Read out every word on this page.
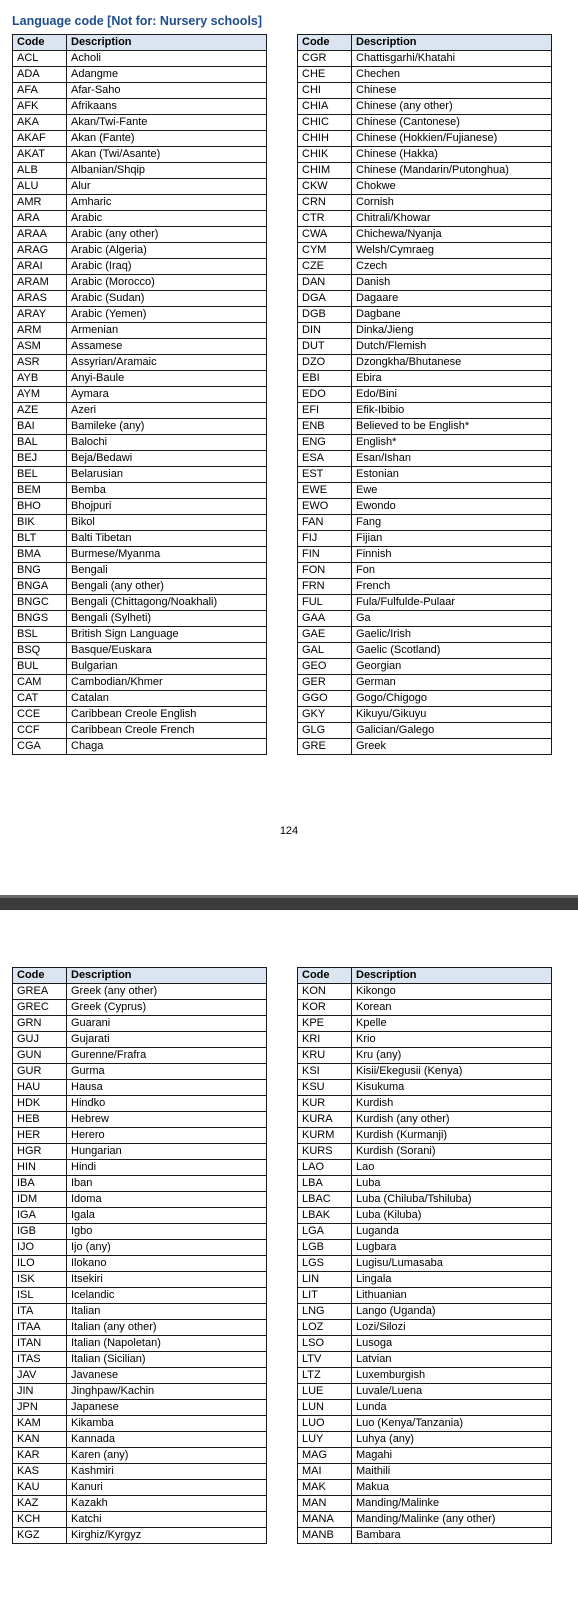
Language code [Not for: Nursery schools]
Code	Description
ACL	Acholi
ADA	Adangme
AFA	Afar-Saho
AFK	Afrikaans
AKA	Akan/Twi-Fante
AKAF	Akan (Fante)
AKAT	Akan (Twi/Asante)
ALB	Albanian/Shqip
ALU	Alur
AMR	Amharic
ARA	Arabic
ARAA	Arabic (any other)
ARAG	Arabic (Algeria)
ARAI	Arabic (Iraq)
ARAM	Arabic (Morocco)
ARAS	Arabic (Sudan)
ARAY	Arabic (Yemen)
ARM	Armenian
ASM	Assamese
ASR	Assyrian/Aramaic
AYB	Anyi-Baule
AYM	Aymara
AZE	Azeri
BAI	Bamileke (any)
BAL	Balochi
BEJ	Beja/Bedawi
BEL	Belarusian
BEM	Bemba
BHO	Bhojpuri
BIK	Bikol
BLT	Balti Tibetan
BMA	Burmese/Myanma
BNG	Bengali
BNGA	Bengali (any other)
BNGC	Bengali (Chittagong/Noakhali)
BNGS	Bengali (Sylheti)
BSL	British Sign Language
BSQ	Basque/Euskara
BUL	Bulgarian
CAM	Cambodian/Khmer
CAT	Catalan
CCE	Caribbean Creole English
CCF	Caribbean Creole French
CGA	Chaga
Code	Description
CGR	Chattisgarhi/Khatahi
CHE	Chechen
CHI	Chinese
CHIA	Chinese (any other)
CHIC	Chinese (Cantonese)
CHIH	Chinese (Hokkien/Fujianese)
CHIK	Chinese (Hakka)
CHIM	Chinese (Mandarin/Putonghua)
CKW	Chokwe
CRN	Cornish
CTR	Chitrali/Khowar
CWA	Chichewa/Nyanja
CYM	Welsh/Cymraeg
CZE	Czech
DAN	Danish
DGA	Dagaare
DGB	Dagbane
DIN	Dinka/Jieng
DUT	Dutch/Flemish
DZO	Dzongkha/Bhutanese
EBI	Ebira
EDO	Edo/Bini
EFI	Efik-Ibibio
ENB	Believed to be English*
ENG	English*
ESA	Esan/Ishan
EST	Estonian
EWE	Ewe
EWO	Ewondo
FAN	Fang
FIJ	Fijian
FIN	Finnish
FON	Fon
FRN	French
FUL	Fula/Fulfulde-Pulaar
GAA	Ga
GAE	Gaelic/Irish
GAL	Gaelic (Scotland)
GEO	Georgian
GER	German
GGO	Gogo/Chigogo
GKY	Kikuyu/Gikuyu
GLG	Galician/Galego
GRE	Greek
124
Code	Description
GREA	Greek (any other)
GREC	Greek (Cyprus)
GRN	Guarani
GUJ	Gujarati
GUN	Gurenne/Frafra
GUR	Gurma
HAU	Hausa
HDK	Hindko
HEB	Hebrew
HER	Herero
HGR	Hungarian
HIN	Hindi
IBA	Iban
IDM	Idoma
IGA	Igala
IGB	Igbo
IJO	Ijo (any)
ILO	Ilokano
ISK	Itsekiri
ISL	Icelandic
ITA	Italian
ITAA	Italian (any other)
ITAN	Italian (Napoletan)
ITAS	Italian (Sicilian)
JAV	Javanese
JIN	Jinghpaw/Kachin
JPN	Japanese
KAM	Kikamba
KAN	Kannada
KAR	Karen (any)
KAS	Kashmiri
KAU	Kanuri
KAZ	Kazakh
KCH	Katchi
KGZ	Kirghiz/Kyrgyz
Code	Description
KON	Kikongo
KOR	Korean
KPE	Kpelle
KRI	Krio
KRU	Kru (any)
KSI	Kisii/Ekegusii (Kenya)
KSU	Kisukuma
KUR	Kurdish
KURA	Kurdish (any other)
KURM	Kurdish (Kurmanji)
KURS	Kurdish (Sorani)
LAO	Lao
LBA	Luba
LBAC	Luba (Chiluba/Tshiluba)
LBAK	Luba (Kiluba)
LGA	Luganda
LGB	Lugbara
LGS	Lugisu/Lumasaba
LIN	Lingala
LIT	Lithuanian
LNG	Lango (Uganda)
LOZ	Lozi/Silozi
LSO	Lusoga
LTV	Latvian
LTZ	Luxemburgish
LUE	Luvale/Luena
LUN	Lunda
LUO	Luo (Kenya/Tanzania)
LUY	Luhya (any)
MAG	Magahi
MAI	Maithili
MAK	Makua
MAN	Manding/Malinke
MANA	Manding/Malinke (any other)
MANB	Bambara
